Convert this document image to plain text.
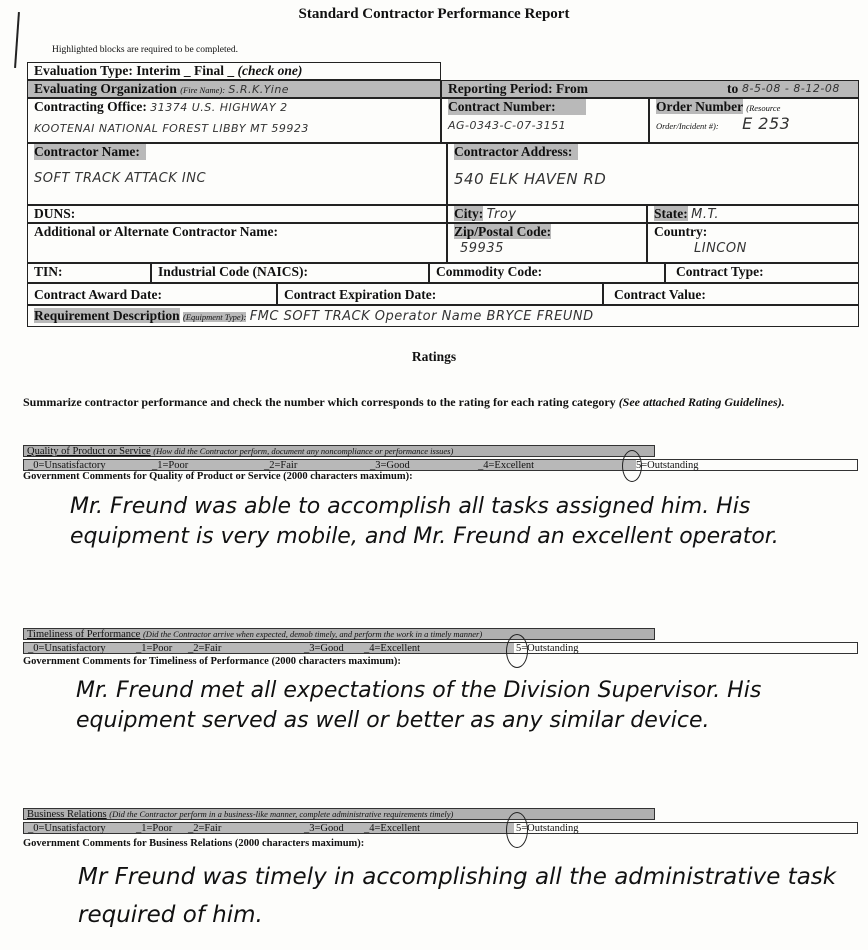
Standard Contractor Performance Report
Highlighted blocks are required to be completed.
Evaluation Type: Interim _ Final _ (check one)
Evaluating Organization (Fire Name): S.R.K.Yine	Reporting Period: From	to 8-5-08 - 8-12-08
Contracting Office: 31374 U.S. HIGHWAY 2
KOOTENAI NATIONAL FOREST LIBBY MT 59923
Contract Number:
AG-0343-C-07-3151
Order Number (Resource
Order/Incident #): E 253
Contractor Name:
SOFT TRACK ATTACK INC
Contractor Address:
540 ELK HAVEN RD
DUNS:	City: Troy	State: M.T.
Additional or Alternate Contractor Name:	Zip/Postal Code:
59935
Country:
LINCON
TIN:	Industrial Code (NAICS):	Commodity Code:	Contract Type:
Contract Award Date:	Contract Expiration Date:	Contract Value:
Requirement Description (Equipment Type): FMC SOFT TRACK Operator Name BRYCE FREUND
Ratings
Summarize contractor performance and check the number which corresponds to the rating for each rating category (See attached Rating Guidelines).
Quality of Product or Service (How did the Contractor perform, document any noncompliance or performance issues)
_0=Unsatisfactory	_1=Poor	_2=Fair	_3=Good	_4=Excellent	5=Outstanding
Government Comments for Quality of Product or Service (2000 characters maximum):
Mr. Freund was able to accomplish all tasks assigned him. His equipment is very mobile, and Mr. Freund an excellent operator.
Timeliness of Performance (Did the Contractor arrive when expected, demob timely, and perform the work in a timely manner)
_0=Unsatisfactory	_1=Poor _2=Fair	_3=Good _4=Excellent	5=Outstanding
Government Comments for Timeliness of Performance (2000 characters maximum):
Mr. Freund met all expectations of the Division Supervisor. His equipment served as well or better as any similar device.
Business Relations (Did the Contractor perform in a business-like manner, complete administrative requirements timely)
_0=Unsatisfactory	_1=Poor _2=Fair	_3=Good _4=Excellent	5=Outstanding
Government Comments for Business Relations (2000 characters maximum):
Mr Freund was timely in accomplishing all the administrative task required of him.
